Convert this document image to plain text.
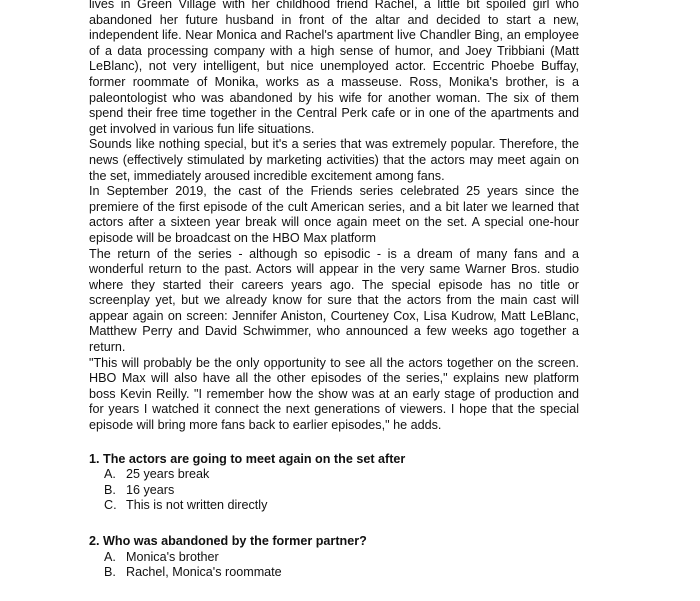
lives in Green Village with her childhood friend Rachel, a little bit spoiled girl who abandoned her future husband in front of the altar and decided to start a new, independent life. Near Monica and Rachel's apartment live Chandler Bing, an employee of a data processing company with a high sense of humor, and Joey Tribbiani (Matt LeBlanc), not very intelligent, but nice unemployed actor. Eccentric Phoebe Buffay, former roommate of Monika, works as a masseuse. Ross, Monika's brother, is a paleontologist who was abandoned by his wife for another woman. The six of them spend their free time together in the Central Perk cafe or in one of the apartments and get involved in various fun life situations.

Sounds like nothing special, but it's a series that was extremely popular. Therefore, the news (effectively stimulated by marketing activities) that the actors may meet again on the set, immediately aroused incredible excitement among fans.

In September 2019, the cast of the Friends series celebrated 25 years since the premiere of the first episode of the cult American series, and a bit later we learned that actors after a sixteen year break will once again meet on the set. A special one-hour episode will be broadcast on the HBO Max platform

The return of the series - although so episodic - is a dream of many fans and a wonderful return to the past. Actors will appear in the very same Warner Bros. studio where they started their careers years ago. The special episode has no title or screenplay yet, but we already know for sure that the actors from the main cast will appear again on screen: Jennifer Aniston, Courteney Cox, Lisa Kudrow, Matt LeBlanc, Matthew Perry and David Schwimmer, who announced a few weeks ago together a return.

"This will probably be the only opportunity to see all the actors together on the screen. HBO Max will also have all the other episodes of the series," explains new platform boss Kevin Reilly. "I remember how the show was at an early stage of production and for years I watched it connect the next generations of viewers. I hope that the special episode will bring more fans back to earlier episodes," he adds.

1. The actors are going to meet again on the set after

A. 25 years break
B. 16 years
C. This is not written directly

2. Who was abandoned by the former partner?

A. Monica's brother
B. Rachel, Monica's roommate
